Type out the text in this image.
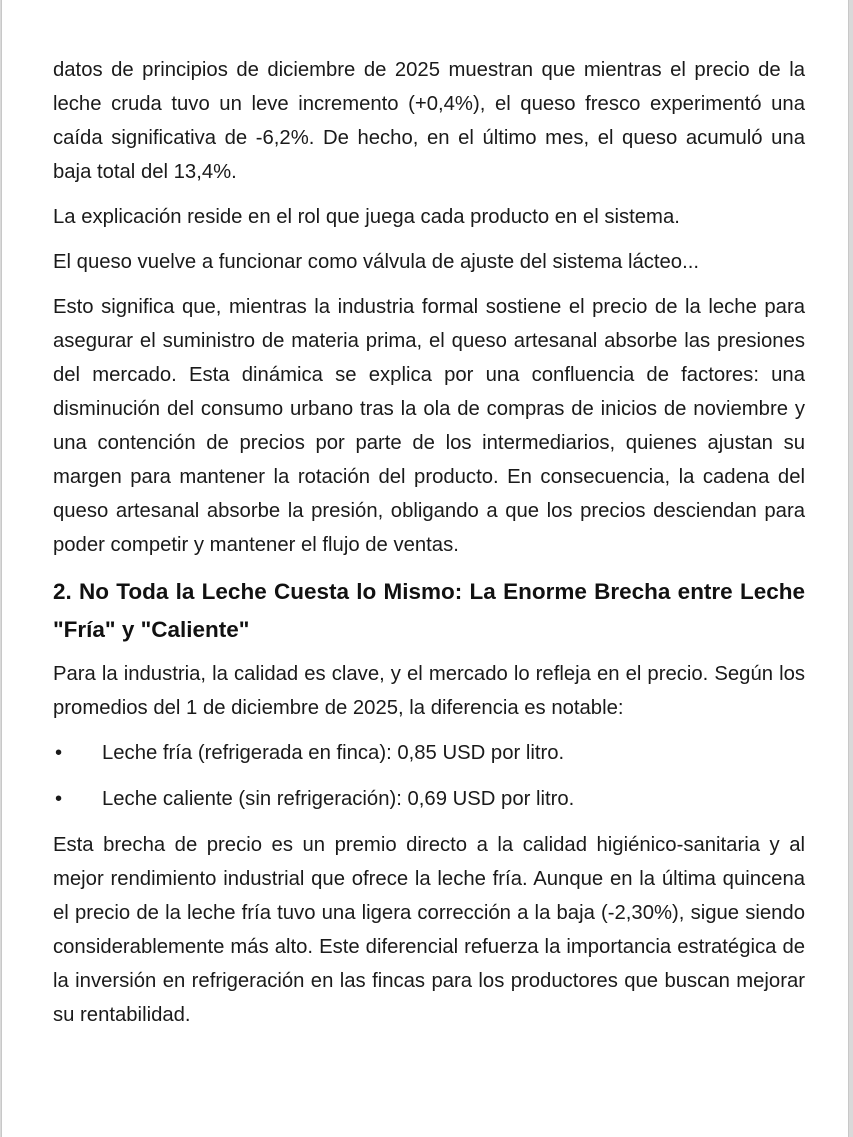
datos de principios de diciembre de 2025 muestran que mientras el precio de la leche cruda tuvo un leve incremento (+0,4%), el queso fresco experimentó una caída significativa de -6,2%. De hecho, en el último mes, el queso acumuló una baja total del 13,4%.

La explicación reside en el rol que juega cada producto en el sistema.

El queso vuelve a funcionar como válvula de ajuste del sistema lácteo...

Esto significa que, mientras la industria formal sostiene el precio de la leche para asegurar el suministro de materia prima, el queso artesanal absorbe las presiones del mercado. Esta dinámica se explica por una confluencia de factores: una disminución del consumo urbano tras la ola de compras de inicios de noviembre y una contención de precios por parte de los intermediarios, quienes ajustan su margen para mantener la rotación del producto. En consecuencia, la cadena del queso artesanal absorbe la presión, obligando a que los precios desciendan para poder competir y mantener el flujo de ventas.

2. No Toda la Leche Cuesta lo Mismo: La Enorme Brecha entre Leche "Fría" y "Caliente"

Para la industria, la calidad es clave, y el mercado lo refleja en el precio. Según los promedios del 1 de diciembre de 2025, la diferencia es notable:

• Leche fría (refrigerada en finca): 0,85 USD por litro.
• Leche caliente (sin refrigeración): 0,69 USD por litro.

Esta brecha de precio es un premio directo a la calidad higiénico-sanitaria y al mejor rendimiento industrial que ofrece la leche fría. Aunque en la última quincena el precio de la leche fría tuvo una ligera corrección a la baja (-2,30%), sigue siendo considerablemente más alto. Este diferencial refuerza la importancia estratégica de la inversión en refrigeración en las fincas para los productores que buscan mejorar su rentabilidad.
